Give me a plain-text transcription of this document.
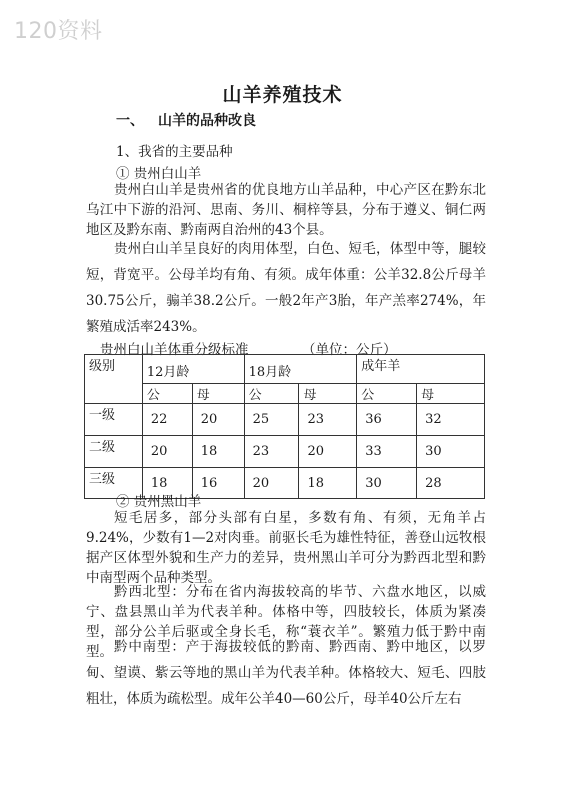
120资料
山羊养殖技术
一、 山羊的品种改良
1、我省的主要品种
① 贵州白山羊
贵州白山羊是贵州省的优良地方山羊品种，中心产区在黔东北乌江中下游的沿河、思南、务川、桐梓等县，分布于遵义、铜仁两地区及黔东南、黔南两自治州的43个县。
贵州白山羊呈良好的肉用体型，白色、短毛，体型中等，腿较短，背宽平。公母羊均有角、有须。成年体重：公羊32.8公斤母羊30.75公斤，骟羊38.2公斤。一般2年产3胎，年产羔率274%，年繁殖成活率243%。
贵州白山羊体重分级标准	（单位：公斤）
级别	12月龄		18月龄		成年羊	
	公	母	公	母	公	母
一级	22	20	25	23	36	32
二级	20	18	23	20	33	30
三级	18	16	20	18	30	28
② 贵州黑山羊
短毛居多，部分头部有白星，多数有角、有须，无角羊占9.24%，少数有1—2对肉垂。前驱长毛为雄性特征，善登山远牧根据产区体型外貌和生产力的差异，贵州黑山羊可分为黔西北型和黔中南型两个品种类型。
黔西北型：分布在省内海拔较高的毕节、六盘水地区，以威宁、盘县黑山羊为代表羊种。体格中等，四肢较长，体质为紧凑型，部分公羊后驱或全身长毛，称“蓑衣羊”。繁殖力低于黔中南型。 黔中南型：产于海拔较低的黔南、黔西南、黔中地区，以罗甸、望谟、紫云等地的黑山羊为代表羊种。体格较大、短毛、四肢粗壮，体质为疏松型。成年公羊40—60公斤，母羊40公斤左右
